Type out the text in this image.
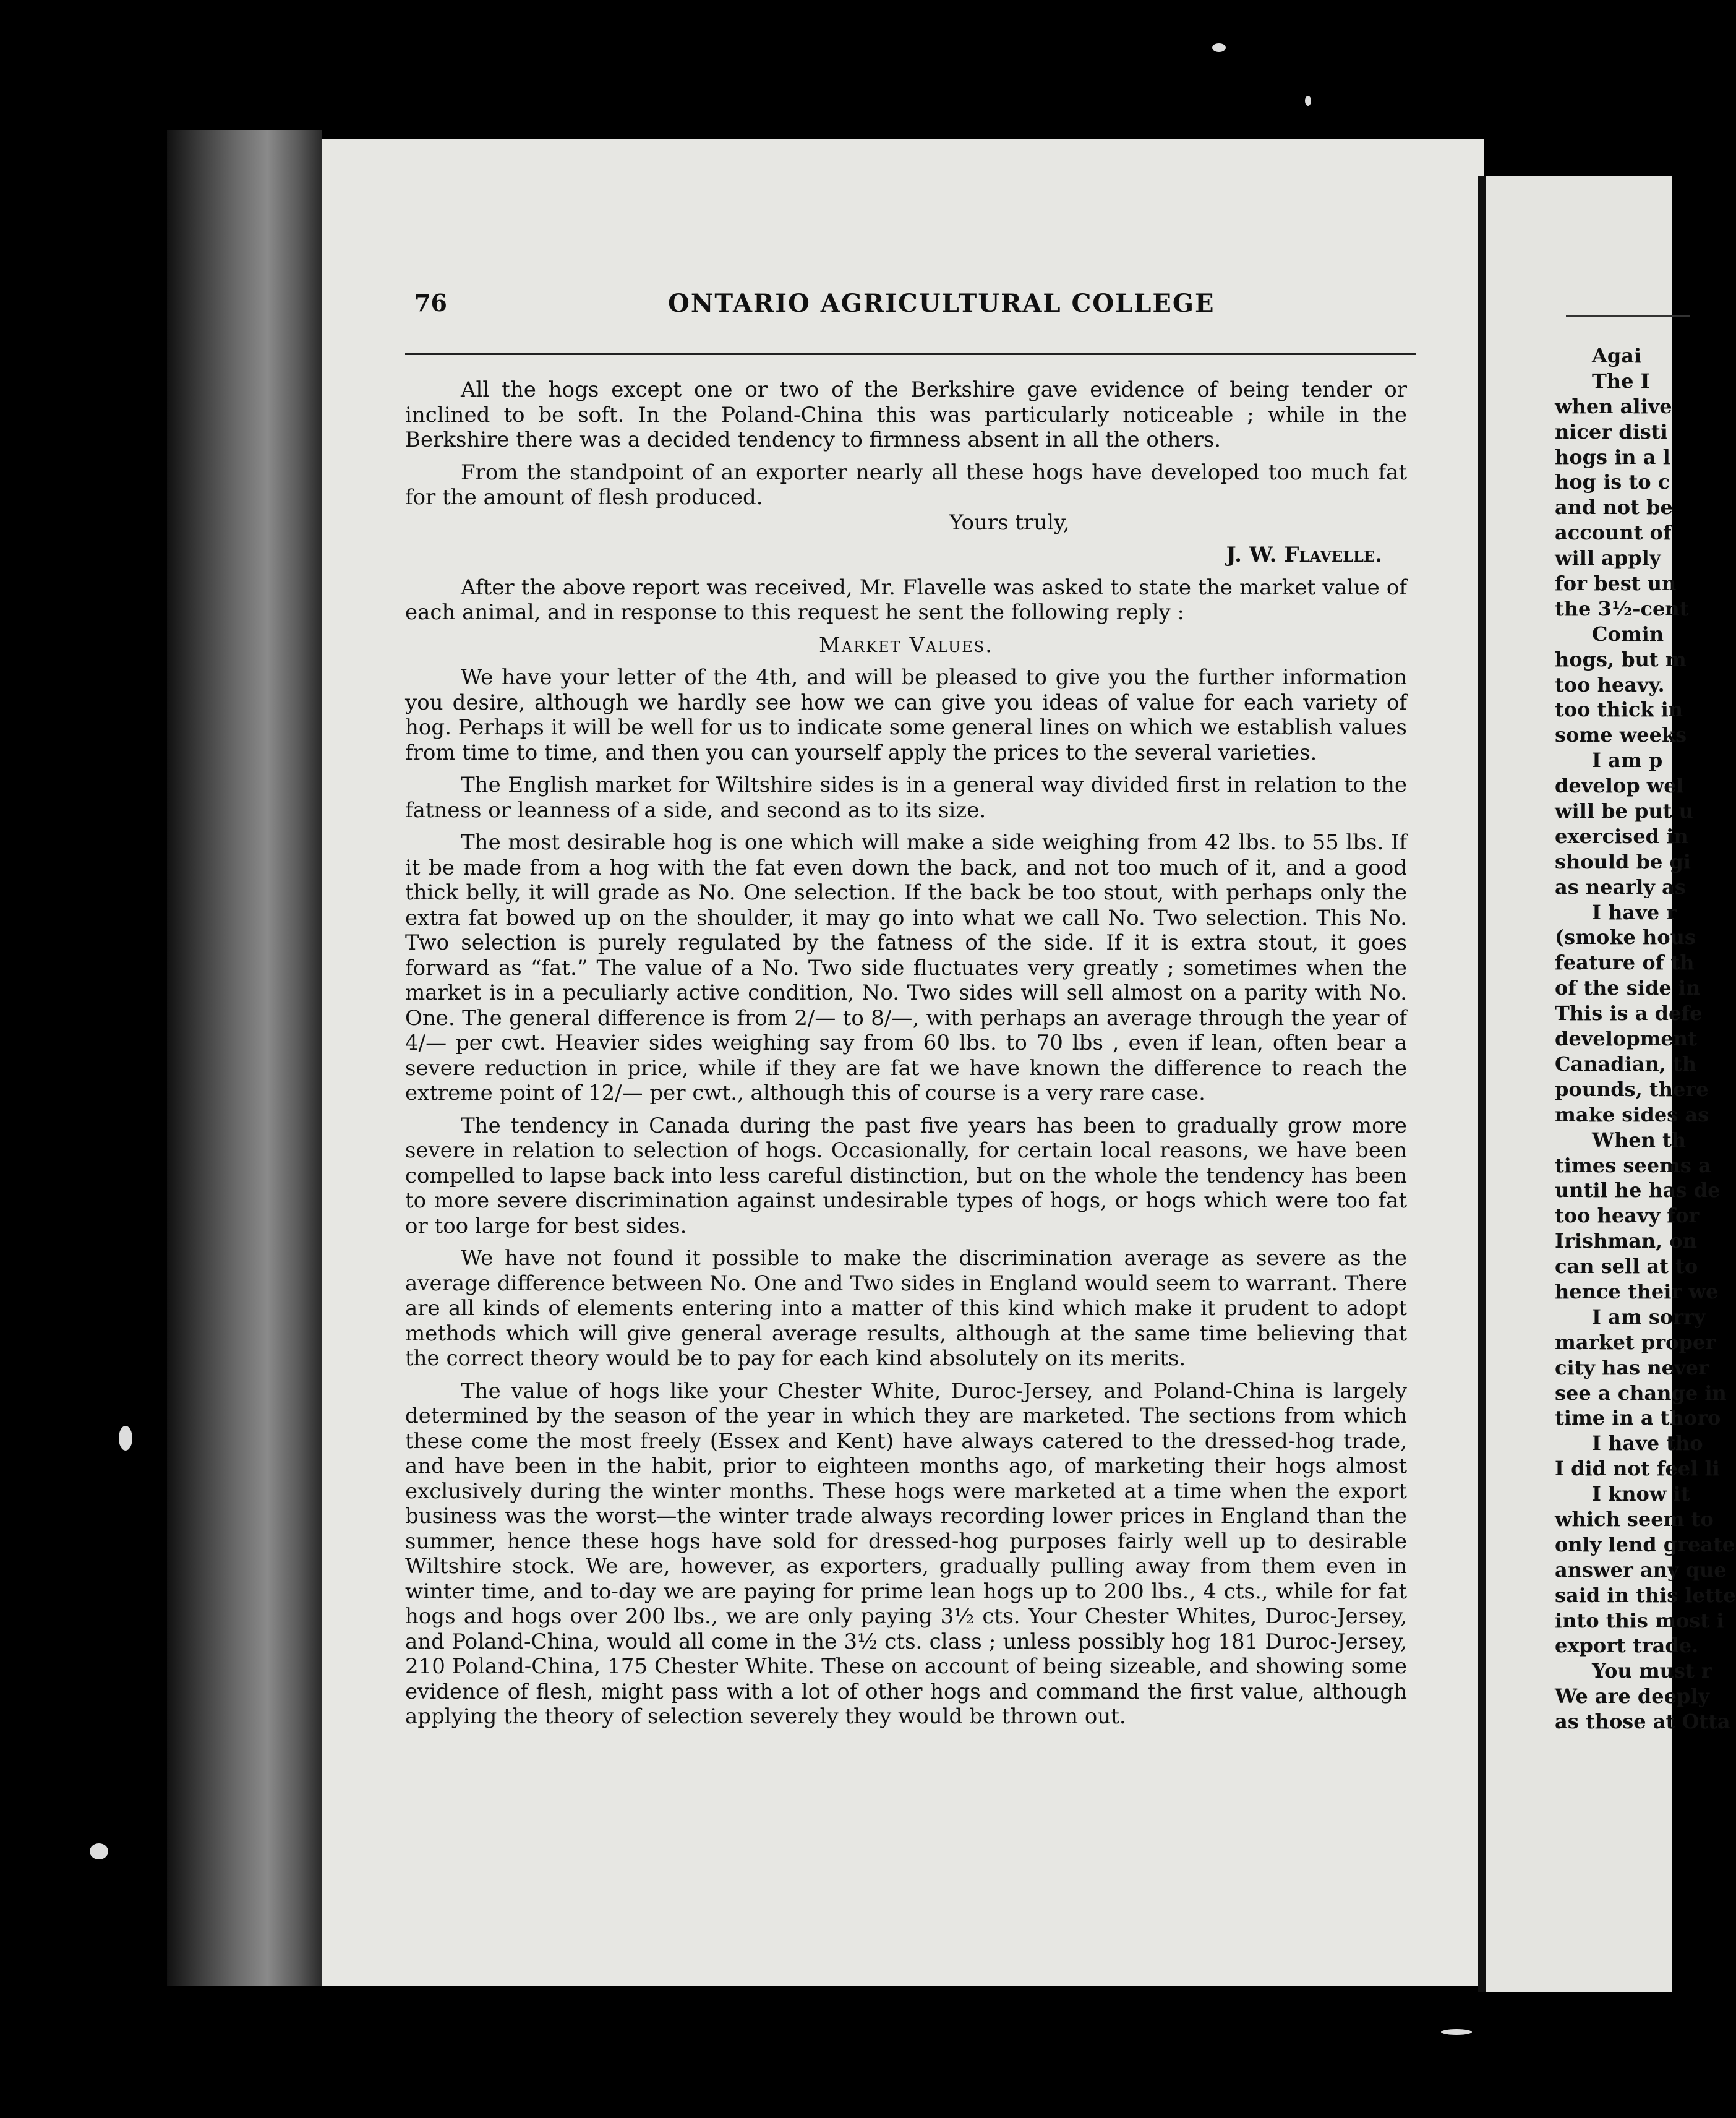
76	ONTARIO AGRICULTURAL COLLEGE

All the hogs except one or two of the Berkshire gave evidence of being tender or inclined to be soft. In the Poland-China this was particularly noticeable ; while in the Berkshire there was a decided tendency to firmness absent in all the others.

From the standpoint of an exporter nearly all these hogs have developed too much fat for the amount of flesh produced.

Yours truly,

J. W. Flavelle.

After the above report was received, Mr. Flavelle was asked to state the market value of each animal, and in response to this request he sent the following reply :

Market Values.

We have your letter of the 4th, and will be pleased to give you the further information you desire, although we hardly see how we can give you ideas of value for each variety of hog. Perhaps it will be well for us to indicate some general lines on which we establish values from time to time, and then you can yourself apply the prices to the several varieties.

The English market for Wiltshire sides is in a general way divided first in relation to the fatness or leanness of a side, and second as to its size.

The most desirable hog is one which will make a side weighing from 42 lbs. to 55 lbs. If it be made from a hog with the fat even down the back, and not too much of it, and a good thick belly, it will grade as No. One selection. If the back be too stout, with perhaps only the extra fat bowed up on the shoulder, it may go into what we call No. Two selection. This No. Two selection is purely regulated by the fatness of the side. If it is extra stout, it goes forward as “fat.” The value of a No. Two side fluctuates very greatly ; sometimes when the market is in a peculiarly active condition, No. Two sides will sell almost on a parity with No. One. The general difference is from 2/— to 8/—, with perhaps an average through the year of 4/— per cwt. Heavier sides weighing say from 60 lbs. to 70 lbs , even if lean, often bear a severe reduction in price, while if they are fat we have known the difference to reach the extreme point of 12/— per cwt., although this of course is a very rare case.

The tendency in Canada during the past five years has been to gradually grow more severe in relation to selection of hogs. Occasionally, for certain local reasons, we have been compelled to lapse back into less careful distinction, but on the whole the tendency has been to more severe discrimination against undesirable types of hogs, or hogs which were too fat or too large for best sides.

We have not found it possible to make the discrimination average as severe as the average difference between No. One and Two sides in England would seem to warrant. There are all kinds of elements entering into a matter of this kind which make it prudent to adopt methods which will give general average results, although at the same time believing that the correct theory would be to pay for each kind absolutely on its merits.

The value of hogs like your Chester White, Duroc-Jersey, and Poland-China is largely determined by the season of the year in which they are marketed. The sections from which these come the most freely (Essex and Kent) have always catered to the dressed-hog trade, and have been in the habit, prior to eighteen months ago, of marketing their hogs almost exclusively during the winter months. These hogs were marketed at a time when the export business was the worst—the winter trade always recording lower prices in England than the summer, hence these hogs have sold for dressed-hog purposes fairly well up to desirable Wiltshire stock. We are, however, as exporters, gradually pulling away from them even in winter time, and to-day we are paying for prime lean hogs up to 200 lbs., 4 cts., while for fat hogs and hogs over 200 lbs., we are only paying 3½ cts. Your Chester Whites, Duroc-Jersey, and Poland-China, would all come in the 3½ cts. class ; unless possibly hog 181 Duroc-Jersey, 210 Poland-China, 175 Chester White. These on account of being sizeable, and showing some evidence of flesh, might pass with a lot of other hogs and command the first value, although applying the theory of selection severely they would be thrown out.

Agai
The I
when alive
nicer disti
hogs in a l
hog is to c
and not be
account of
will apply
for best un
the 3½-cent
Comin
hogs, but m
too heavy.
too thick in
some weeks
I am p
develop wel
will be put u
exercised in
should be gi
as nearly as
I have r
(smoke hous
feature of th
of the side in
This is a defe
development
Canadian, th
pounds, there
make sides as
When th
times seems a
until he has de
too heavy for
Irishman, on
can sell at to
hence their we
I am sorry
market proper
city has never
see a change in
time in a thoro
I have tho
I did not feel li
I know it
which seem to
only lend greate
answer any que
said in this lette
into this most i
export trade.
You must r
We are deeply
as those at Otta
